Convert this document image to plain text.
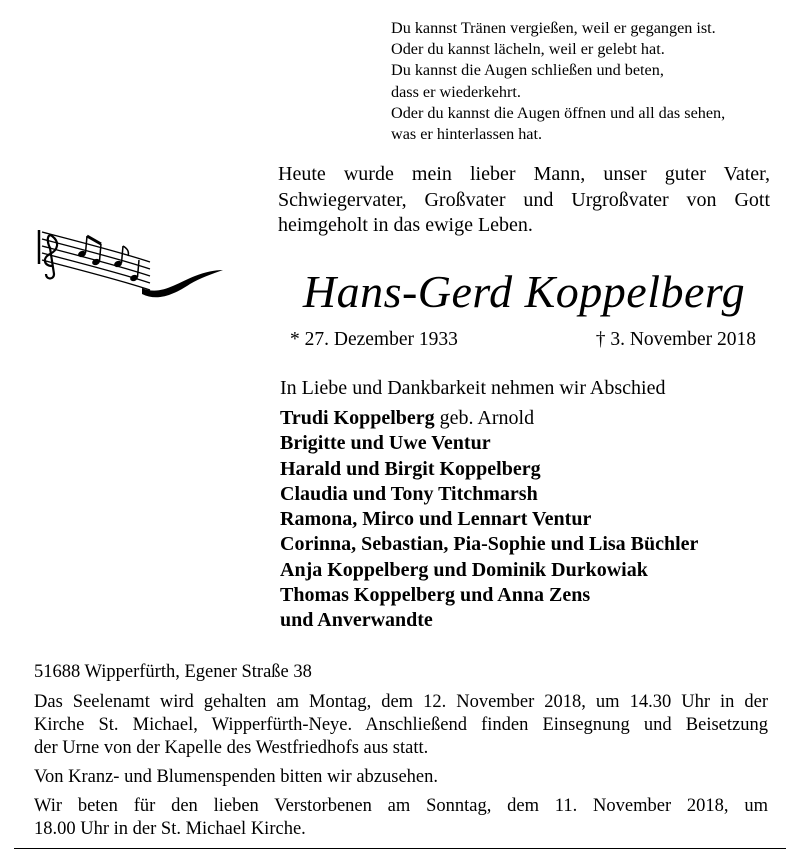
Du kannst Tränen vergießen, weil er gegangen ist.
Oder du kannst lächeln, weil er gelebt hat.
Du kannst die Augen schließen und beten,
dass er wiederkehrt.
Oder du kannst die Augen öffnen und all das sehen,
was er hinterlassen hat.
Heute wurde mein lieber Mann, unser guter Vater,
Schwiegervater, Großvater und Urgroßvater von Gott
heimgeholt in das ewige Leben.
Hans-Gerd Koppelberg
* 27. Dezember 1933	† 3. November 2018
In Liebe und Dankbarkeit nehmen wir Abschied
Trudi Koppelberg geb. Arnold
Brigitte und Uwe Ventur
Harald und Birgit Koppelberg
Claudia und Tony Titchmarsh
Ramona, Mirco und Lennart Ventur
Corinna, Sebastian, Pia-Sophie und Lisa Büchler
Anja Koppelberg und Dominik Durkowiak
Thomas Koppelberg und Anna Zens
und Anverwandte
51688 Wipperfürth, Egener Straße 38

Das Seelenamt wird gehalten am Montag, dem 12. November 2018, um 14.30 Uhr in der
Kirche St. Michael, Wipperfürth-Neye. Anschließend finden Einsegnung und Beisetzung
der Urne von der Kapelle des Westfriedhofs aus statt.

Von Kranz- und Blumenspenden bitten wir abzusehen.

Wir beten für den lieben Verstorbenen am Sonntag, dem 11. November 2018, um
18.00 Uhr in der St. Michael Kirche.
